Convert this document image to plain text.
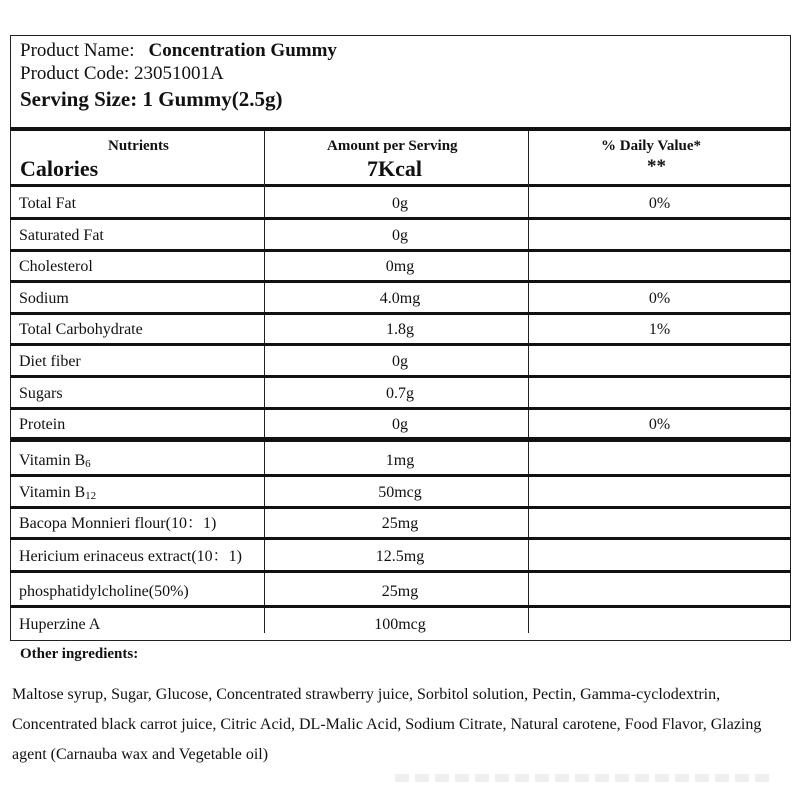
Product Name: Concentration Gummy
Product Code: 23051001A
Serving Size: 1 Gummy(2.5g)
Nutrients	Amount per Serving	% Daily Value*
Calories	7Kcal	**
Total Fat	0g	0%
Saturated Fat	0g
Cholesterol	0mg
Sodium	4.0mg	0%
Total Carbohydrate	1.8g	1%
Diet fiber	0g
Sugars	0.7g
Protein	0g	0%
Vitamin $B_6$	1mg
Vitamin $B_{12}$	50mcg
Bacopa Monnieri flour(10：1)	25mg
Hericium erinaceus extract(10：1)	12.5mg
phosphatidylcholine(50%)	25mg
Huperzine A	100mcg
Other ingredients:
Maltose syrup, Sugar, Glucose, Concentrated strawberry juice, Sorbitol solution, Pectin, Gamma-cyclodextrin, Concentrated black carrot juice, Citric Acid, DL-Malic Acid, Sodium Citrate, Natural carotene, Food Flavor, Glazing agent (Carnauba wax and Vegetable oil)
